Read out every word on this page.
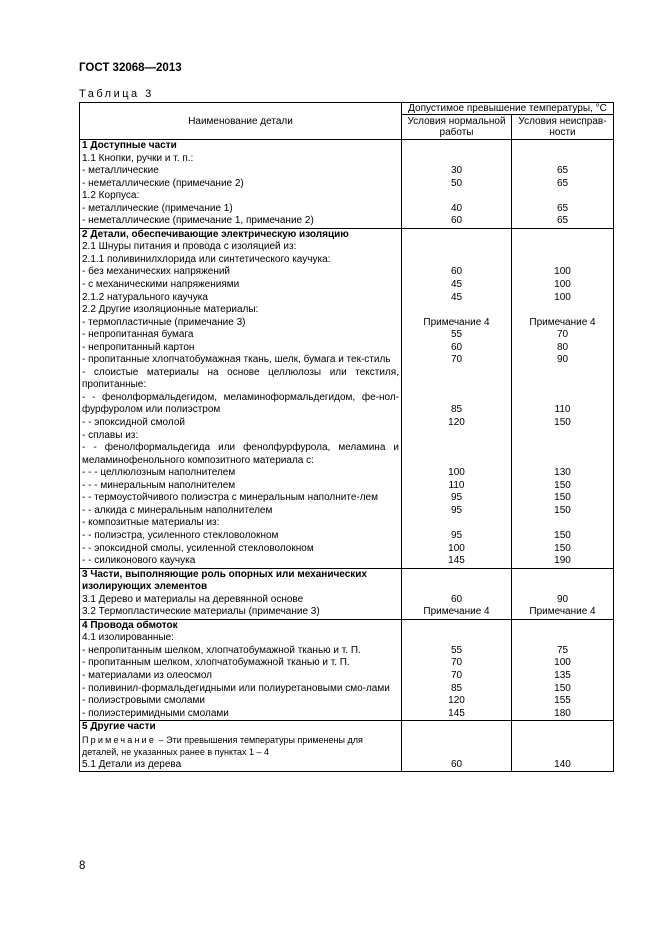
ГОСТ 32068—2013
Таблица 3
Наименование детали	Допустимое превышение температуры, °С	
	Условия нормальной работы	Условия неисправ-ности
1 Доступные части		
1.1 Кнопки, ручки и т. п.:		
- металлические	30	65
- неметаллические (примечание 2)	50	65
1.2 Корпуса:		
- металлические (примечание 1)	40	65
- неметаллические (примечание 1, примечание 2)	60	65
2 Детали, обеспечивающие электрическую изоляцию		
2.1 Шнуры питания и провода с изоляцией из:		
2.1.1 поливинилхлорида или синтетического каучука:		
- без механических напряжений	60	100
- с механическими напряжениями	45	100
2.1.2 натурального каучука	45	100
2.2 Другие изоляционные материалы:		
- термопластичные (примечание 3)	Примечание 4	Примечание 4
- непропитанная бумага	55	70
- непропитанный картон	60	80
- пропитанные хлопчатобумажная ткань, шелк, бумага и тек-стиль	70	90
- слоистые материалы на основе целлюлозы или текстиля, пропитанные:		
- - фенолформальдегидом, меламиноформальдегидом, фе-нол-фурфуролом или полиэстром	85	110
- - эпоксидной смолой	120	150
- сплавы из:		
- - фенолформальдегида или фенолфурфурола, меламина и меламинофенольного композитного материала с:		
- - - целлюлозным наполнителем	100	130
- - - минеральным наполнителем	110	150
- - термоустойчивого полиэстра с минеральным наполните-лем	95	150
- - алкида с минеральным наполнителем	95	150
- композитные материалы из:		
- - полиэстра, усиленного стекловолокном	95	150
- - эпоксидной смолы, усиленной стекловолокном	100	150
- - силиконового каучука	145	190
3 Части, выполняющие роль опорных или механических изолирующих элементов		
3.1 Дерево и материалы на деревянной основе	60	90
3.2 Термопластические материалы (примечание 3)	Примечание 4	Примечание 4
4 Провода обмоток		
4.1 изолированные:		
- непропитанным шелком, хлопчатобумажной тканью и т. П.	55	75
- пропитанным шелком, хлопчатобумажной тканью и т. П.	70	100
- материалами из олеосмол	70	135
- поливинил-формальдегидными или полиуретановыми смо-лами	85	150
- полиэстровыми смолами	120	155
- полиэстеримидными смолами	145	180
5 Другие части		
Примечание – Эти превышения температуры применены для деталей, не указанных ранее в пунктах 1 – 4		
5.1 Детали из дерева	60	140
8
